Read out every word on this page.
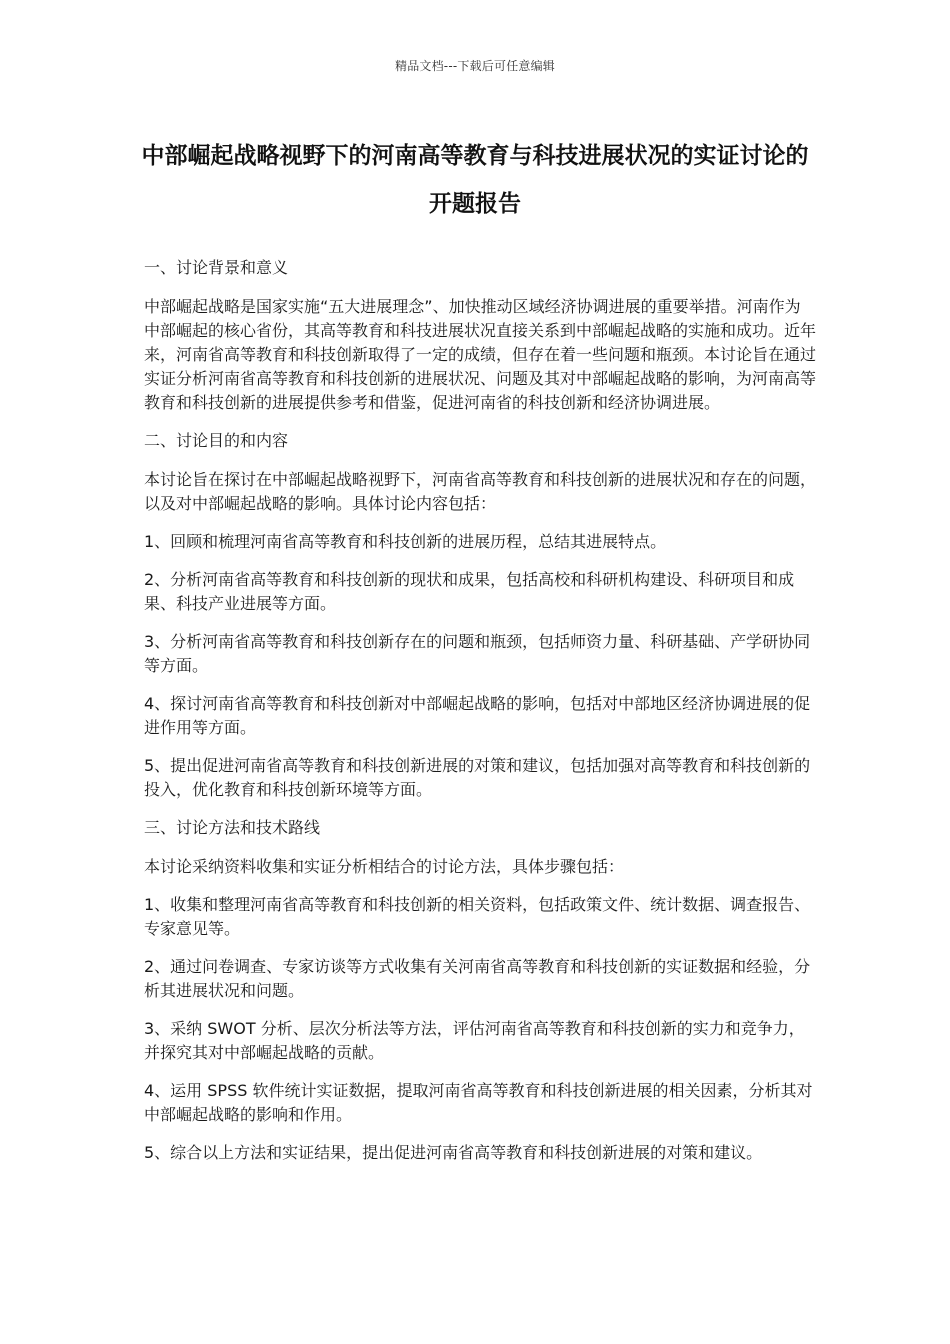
精品文档---下载后可任意编辑
中部崛起战略视野下的河南高等教育与科技进展状况的实证讨论的开题报告

一、讨论背景和意义

中部崛起战略是国家实施“五大进展理念”、加快推动区域经济协调进展的重要举措。河南作为中部崛起的核心省份，其高等教育和科技进展状况直接关系到中部崛起战略的实施和成功。近年来，河南省高等教育和科技创新取得了一定的成绩，但存在着一些问题和瓶颈。本讨论旨在通过实证分析河南省高等教育和科技创新的进展状况、问题及其对中部崛起战略的影响，为河南高等教育和科技创新的进展提供参考和借鉴，促进河南省的科技创新和经济协调进展。

二、讨论目的和内容

本讨论旨在探讨在中部崛起战略视野下，河南省高等教育和科技创新的进展状况和存在的问题，以及对中部崛起战略的影响。具体讨论内容包括：

1、回顾和梳理河南省高等教育和科技创新的进展历程，总结其进展特点。

2、分析河南省高等教育和科技创新的现状和成果，包括高校和科研机构建设、科研项目和成果、科技产业进展等方面。

3、分析河南省高等教育和科技创新存在的问题和瓶颈，包括师资力量、科研基础、产学研协同等方面。

4、探讨河南省高等教育和科技创新对中部崛起战略的影响，包括对中部地区经济协调进展的促进作用等方面。

5、提出促进河南省高等教育和科技创新进展的对策和建议，包括加强对高等教育和科技创新的投入，优化教育和科技创新环境等方面。

三、讨论方法和技术路线

本讨论采纳资料收集和实证分析相结合的讨论方法，具体步骤包括：

1、收集和整理河南省高等教育和科技创新的相关资料，包括政策文件、统计数据、调查报告、专家意见等。

2、通过问卷调查、专家访谈等方式收集有关河南省高等教育和科技创新的实证数据和经验，分析其进展状况和问题。

3、采纳 SWOT 分析、层次分析法等方法，评估河南省高等教育和科技创新的实力和竞争力，并探究其对中部崛起战略的贡献。

4、运用 SPSS 软件统计实证数据，提取河南省高等教育和科技创新进展的相关因素，分析其对中部崛起战略的影响和作用。

5、综合以上方法和实证结果，提出促进河南省高等教育和科技创新进展的对策和建议。
